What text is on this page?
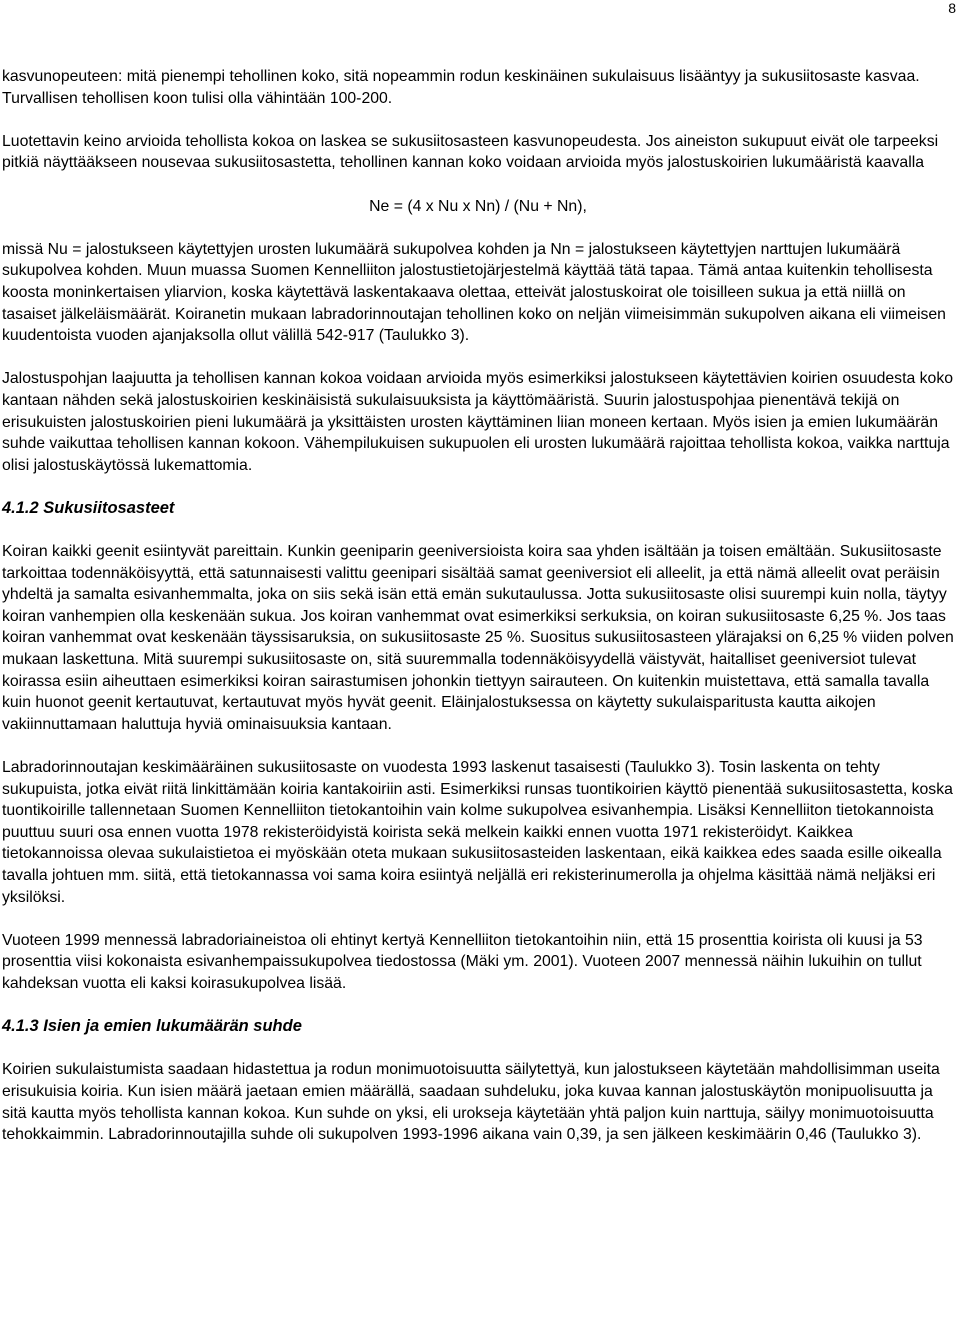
8

kasvunopeuteen: mitä pienempi tehollinen koko, sitä nopeammin rodun keskinäinen sukulaisuus lisääntyy ja sukusiitosaste kasvaa. Turvallisen tehollisen koon tulisi olla vähintään 100-200.

Luotettavin keino arvioida tehollista kokoa on laskea se sukusiitosasteen kasvunopeudesta. Jos aineiston sukupuut eivät ole tarpeeksi pitkiä näyttääkseen nousevaa sukusiitosastetta, tehollinen kannan koko voidaan arvioida myös jalostuskoirien lukumääristä kaavalla

Ne = (4 x Nu x Nn) / (Nu + Nn),

missä Nu = jalostukseen käytettyjen urosten lukumäärä sukupolvea kohden ja Nn = jalostukseen käytettyjen narttujen lukumäärä sukupolvea kohden. Muun muassa Suomen Kennelliiton jalostustietojärjestelmä käyttää tätä tapaa. Tämä antaa kuitenkin tehollisesta koosta moninkertaisen yliarvion, koska käytettävä laskentakaava olettaa, etteivät jalostuskoirat ole toisilleen sukua ja että niillä on tasaiset jälkeläismäärät. Koiranetin mukaan labradorinnoutajan tehollinen koko on neljän viimeisimmän sukupolven aikana eli viimeisen kuudentoista vuoden ajanjaksolla ollut välillä 542-917 (Taulukko 3).

Jalostuspohjan laajuutta ja tehollisen kannan kokoa voidaan arvioida myös esimerkiksi jalostukseen käytettävien koirien osuudesta koko kantaan nähden sekä jalostuskoirien keskinäisistä sukulaisuuksista ja käyttömääristä. Suurin jalostuspohjaa pienentävä tekijä on erisukuisten jalostuskoirien pieni lukumäärä ja yksittäisten urosten käyttäminen liian moneen kertaan. Myös isien ja emien lukumäärän suhde vaikuttaa tehollisen kannan kokoon. Vähempilukuisen sukupuolen eli urosten lukumäärä rajoittaa tehollista kokoa, vaikka narttuja olisi jalostuskäytössä lukemattomia.

4.1.2 Sukusiitosasteet

Koiran kaikki geenit esiintyvät pareittain. Kunkin geeniparin geeniversioista koira saa yhden isältään ja toisen emältään. Sukusiitosaste tarkoittaa todennäköisyyttä, että satunnaisesti valittu geenipari sisältää samat geeniversiot eli alleelit, ja että nämä alleelit ovat peräisin yhdeltä ja samalta esivanhemmalta, joka on siis sekä isän että emän sukutaulussa. Jotta sukusiitosaste olisi suurempi kuin nolla, täytyy koiran vanhempien olla keskenään sukua. Jos koiran vanhemmat ovat esimerkiksi serkuksia, on koiran sukusiitosaste 6,25 %. Jos taas koiran vanhemmat ovat keskenään täyssisaruksia, on sukusiitosaste 25 %. Suositus sukusiitosasteen ylärajaksi on 6,25 % viiden polven mukaan laskettuna. Mitä suurempi sukusiitosaste on, sitä suuremmalla todennäköisyydellä väistyvät, haitalliset geeniversiot tulevat koirassa esiin aiheuttaen esimerkiksi koiran sairastumisen johonkin tiettyyn sairauteen. On kuitenkin muistettava, että samalla tavalla kuin huonot geenit kertautuvat, kertautuvat myös hyvät geenit. Eläinjalostuksessa on käytetty sukulaisparitusta kautta aikojen vakiinnuttamaan haluttuja hyviä ominaisuuksia kantaan.

Labradorinnoutajan keskimääräinen sukusiitosaste on vuodesta 1993 laskenut tasaisesti (Taulukko 3). Tosin laskenta on tehty sukupuista, jotka eivät riitä linkittämään koiria kantakoiriin asti. Esimerkiksi runsas tuontikoirien käyttö pienentää sukusiitosastetta, koska tuontikoirille tallennetaan Suomen Kennelliiton tietokantoihin vain kolme sukupolvea esivanhempia. Lisäksi Kennelliiton tietokannoista puuttuu suuri osa ennen vuotta 1978 rekisteröidyistä koirista sekä melkein kaikki ennen vuotta 1971 rekisteröidyt. Kaikkea tietokannoissa olevaa sukulaistietoa ei myöskään oteta mukaan sukusiitosasteiden laskentaan, eikä kaikkea edes saada esille oikealla tavalla johtuen mm. siitä, että tietokannassa voi sama koira esiintyä neljällä eri rekisterinumerolla ja ohjelma käsittää nämä neljäksi eri yksilöksi.

Vuoteen 1999 mennessä labradoriaineistoa oli ehtinyt kertyä Kennelliiton tietokantoihin niin, että 15 prosenttia koirista oli kuusi ja 53 prosenttia viisi kokonaista esivanhempaissukupolvea tiedostossa (Mäki ym. 2001). Vuoteen 2007 mennessä näihin lukuihin on tullut kahdeksan vuotta eli kaksi koirasukupolvea lisää.

4.1.3 Isien ja emien lukumäärän suhde

Koirien sukulaistumista saadaan hidastettua ja rodun monimuotoisuutta säilytettyä, kun jalostukseen käytetään mahdollisimman useita erisukuisia koiria. Kun isien määrä jaetaan emien määrällä, saadaan suhdeluku, joka kuvaa kannan jalostuskäytön monipuolisuutta ja sitä kautta myös tehollista kannan kokoa. Kun suhde on yksi, eli urokseja käytetään yhtä paljon kuin narttuja, säilyy monimuotoisuutta tehokkaimmin. Labradorinnoutajilla suhde oli sukupolven 1993-1996 aikana vain 0,39, ja sen jälkeen keskimäärin 0,46 (Taulukko 3).
